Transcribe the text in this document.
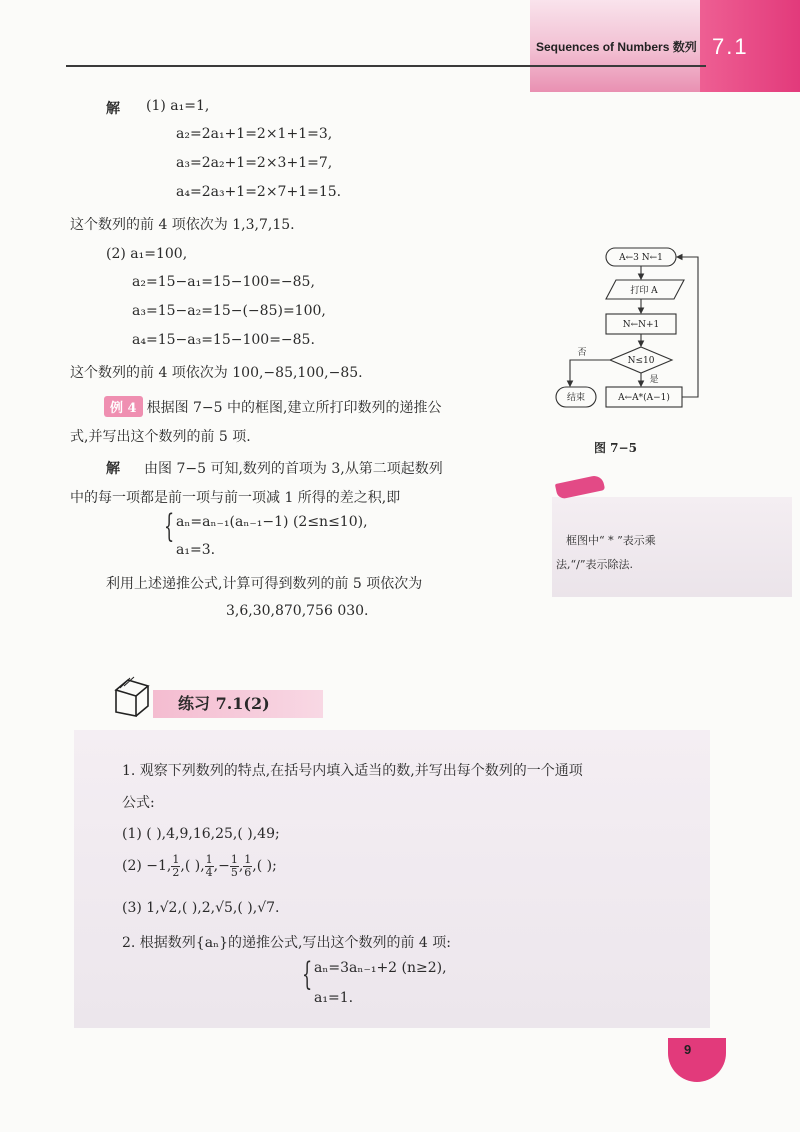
Sequences of Numbers 数列 7.1
解 (1) a₁=1,
a₂=2a₁+1=2×1+1=3,
a₃=2a₂+1=2×3+1=7,
a₄=2a₃+1=2×7+1=15.
这个数列的前 4 项依次为 1,3,7,15.
(2) a₁=100,
a₂=15−a₁=15−100=−85,
a₃=15−a₂=15−(−85)=100,
a₄=15−a₃=15−100=−85.
这个数列的前 4 项依次为 100,−85,100,−85.
例 4 根据图 7−5 中的框图,建立所打印数列的递推公
式,并写出这个数列的前 5 项.
解 由图 7−5 可知,数列的首项为 3,从第二项起数列
中的每一项都是前一项与前一项减 1 所得的差之积,即
{ aₙ=aₙ₋₁(aₙ₋₁−1) (2≤n≤10),
a₁=3.
利用上述递推公式,计算可得到数列的前 5 项依次为
3,6,30,870,756 030.
A←3 N←1
打印 A
N←N+1
N≤10
否
是
结束	A←A*(A−1)
图 7−5
框图中“ * ”表示乘
法,“/”表示除法.
练习 7.1(2)
1. 观察下列数列的特点,在括号内填入适当的数,并写出每个数列的一个通项
公式:
(1) ( ),4,9,16,25,( ),49;
(2) −1, $\frac{1}{2}$ ,( ), $\frac{1}{4}$ ,− $\frac{1}{5}$ , $\frac{1}{6}$ ,( );
(3) 1,√2,( ),2,√5,( ),√7.
2. 根据数列{aₙ}的递推公式,写出这个数列的前 4 项:
{ aₙ=3aₙ₋₁+2 (n≥2),
a₁=1.
9
